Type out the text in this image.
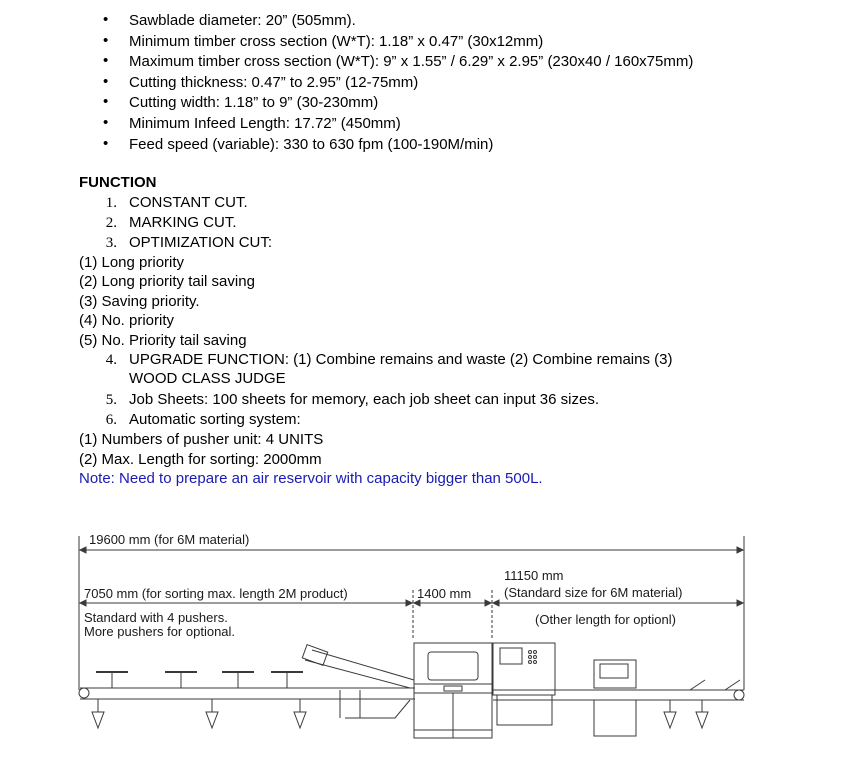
• Sawblade diameter: 20” (505mm).
• Minimum timber cross section (W*T): 1.18” x 0.47” (30x12mm)
• Maximum timber cross section (W*T): 9” x 1.55” / 6.29” x 2.95” (230x40 / 160x75mm)
• Cutting thickness: 0.47” to 2.95” (12-75mm)
• Cutting width: 1.18” to 9” (30-230mm)
• Minimum Infeed Length: 17.72” (450mm)
• Feed speed (variable): 330 to 630 fpm (100-190M/min)
FUNCTION
1. CONSTANT CUT.
2. MARKING CUT.
3. OPTIMIZATION CUT:
(1) Long priority
(2) Long priority tail saving
(3) Saving priority.
(4) No. priority
(5) No. Priority tail saving
4. UPGRADE FUNCTION: (1) Combine remains and waste (2) Combine remains (3)
WOOD CLASS JUDGE
5. Job Sheets: 100 sheets for memory, each job sheet can input 36 sizes.
6. Automatic sorting system:
(1) Numbers of pusher unit: 4 UNITS
(2) Max. Length for sorting: 2000mm
Note: Need to prepare an air reservoir with capacity bigger than 500L.
19600 mm (for 6M material)
7050 mm (for sorting max. length 2M product)	1400 mm
11150 mm
(Standard size for 6M material)
Standard with 4 pushers.
More pushers for optional.
(Other length for optionl)
